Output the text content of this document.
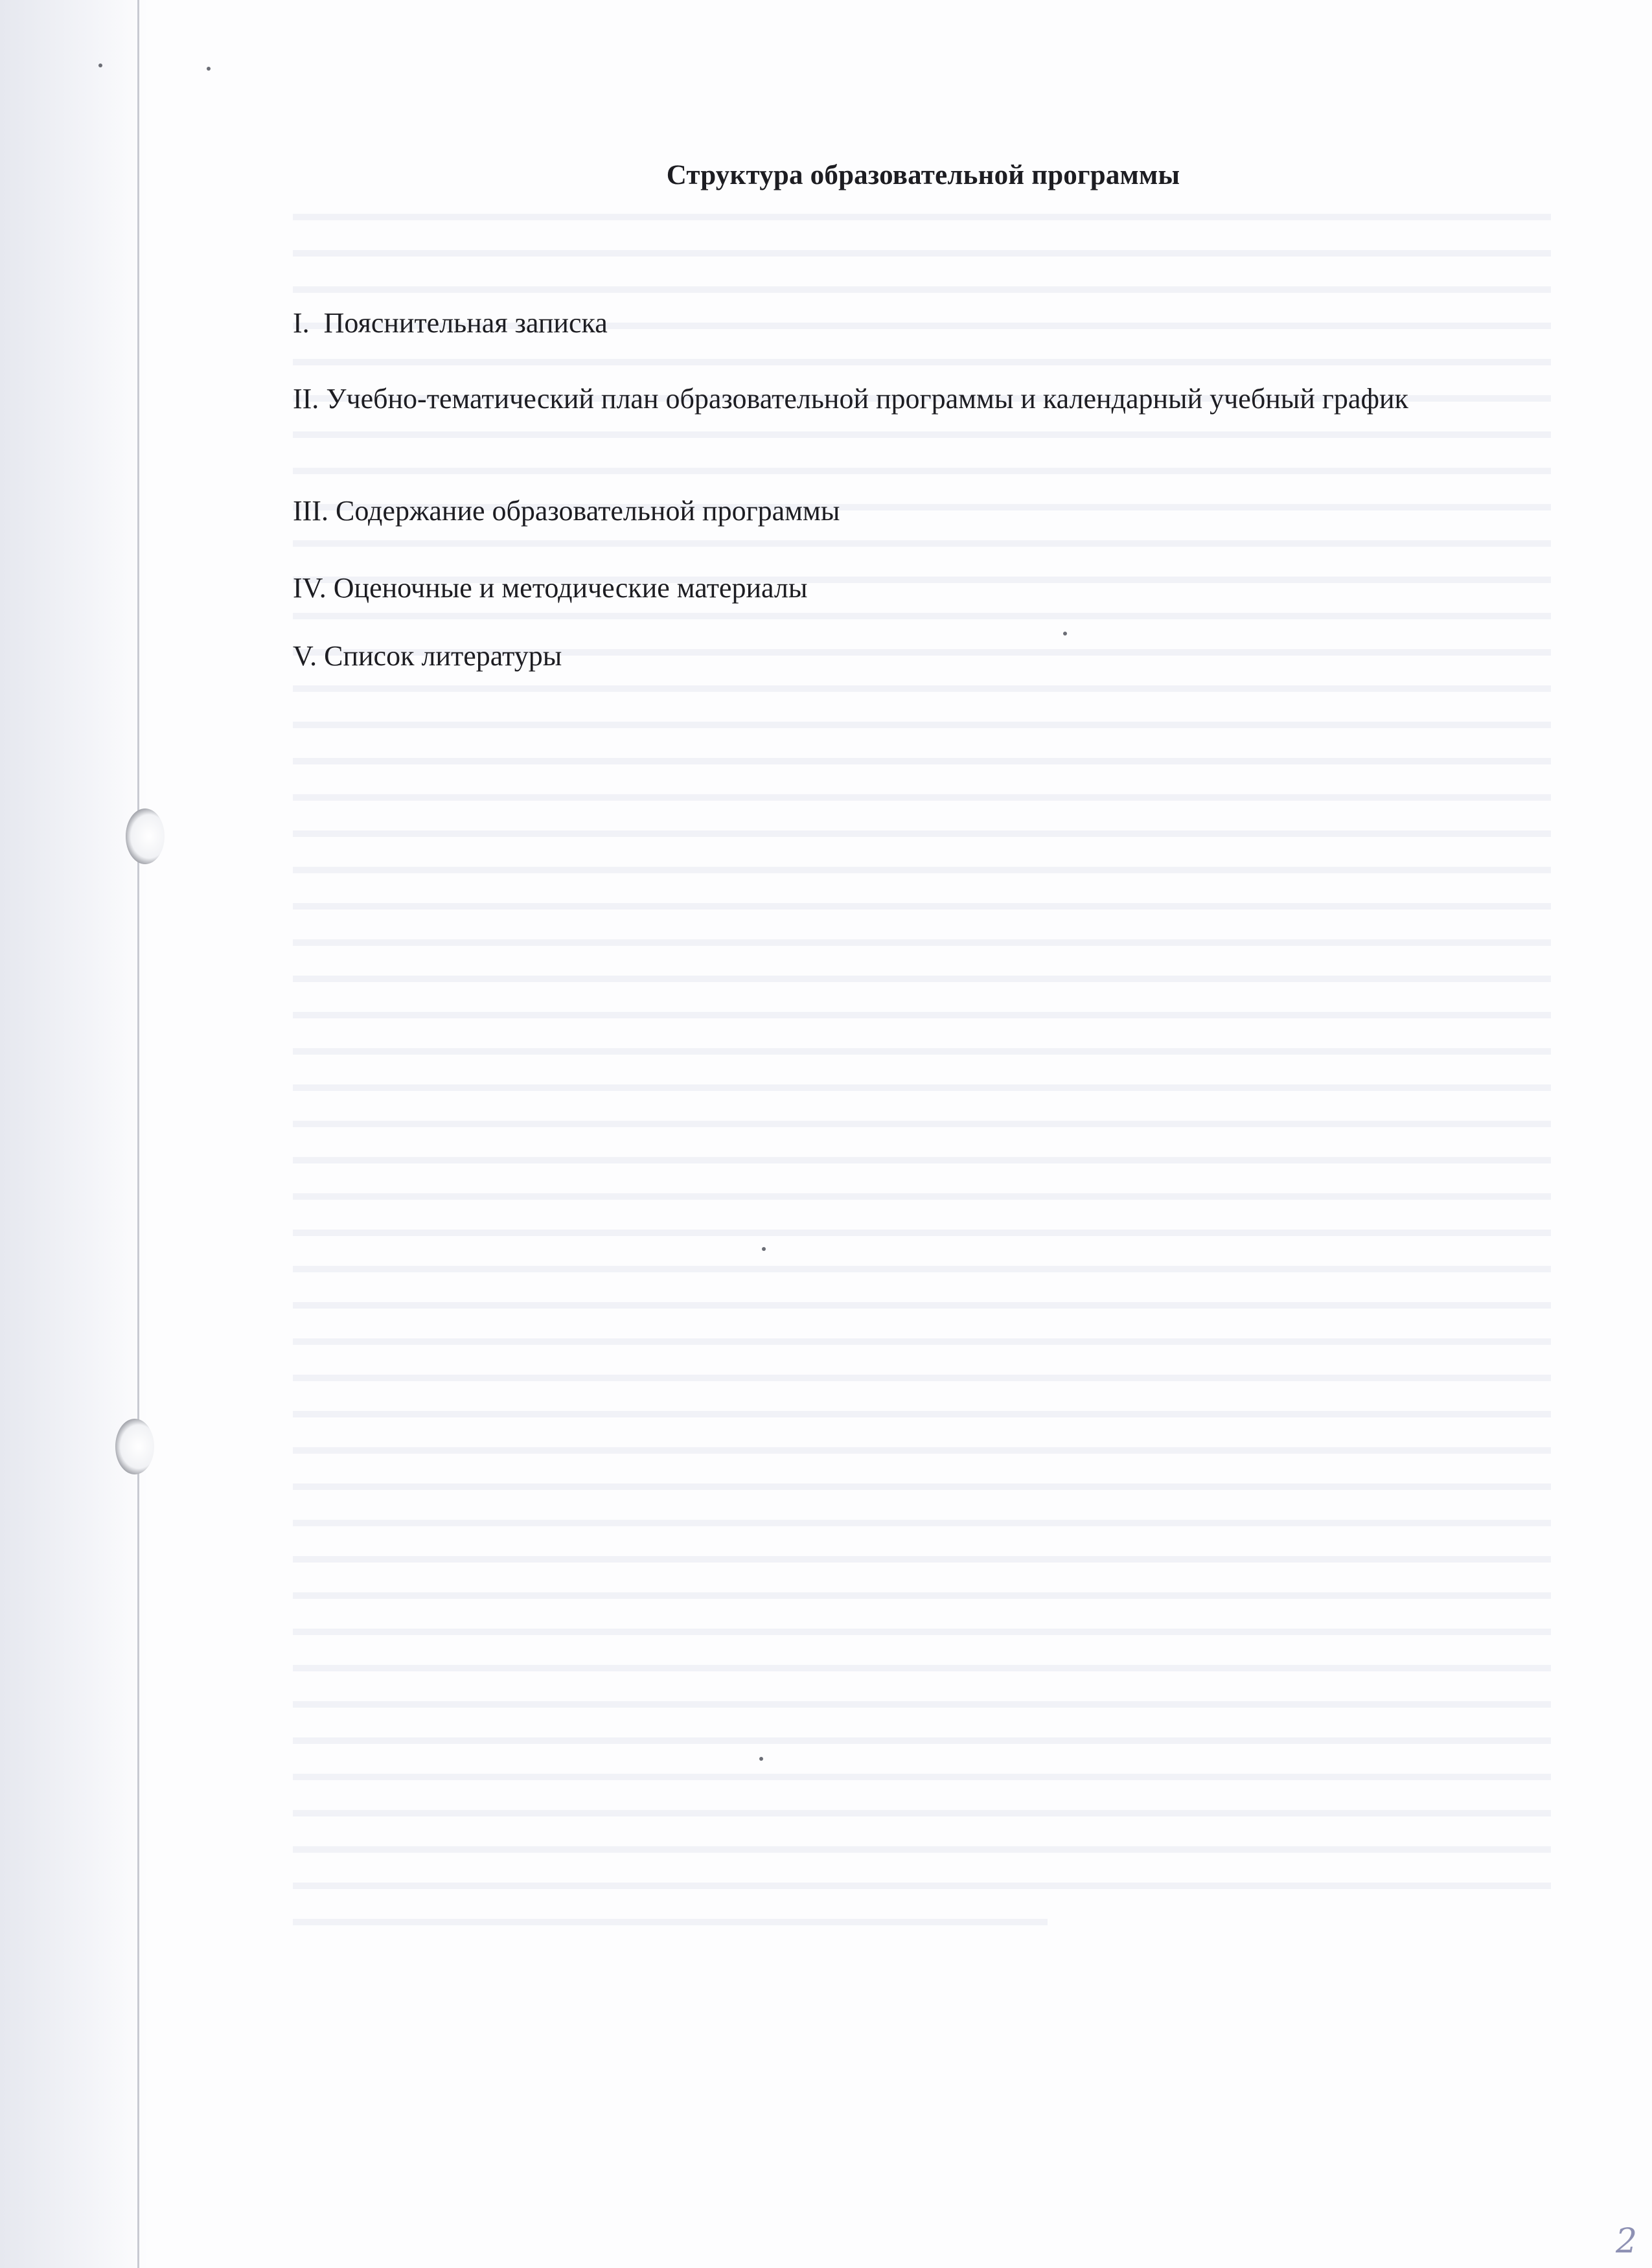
Структура образовательной программы
I. Пояснительная записка
II. Учебно-тематический план образовательной программы и календарный учебный график
III. Содержание образовательной программы
IV. Оценочные и методические материалы
V. Список литературы
2
